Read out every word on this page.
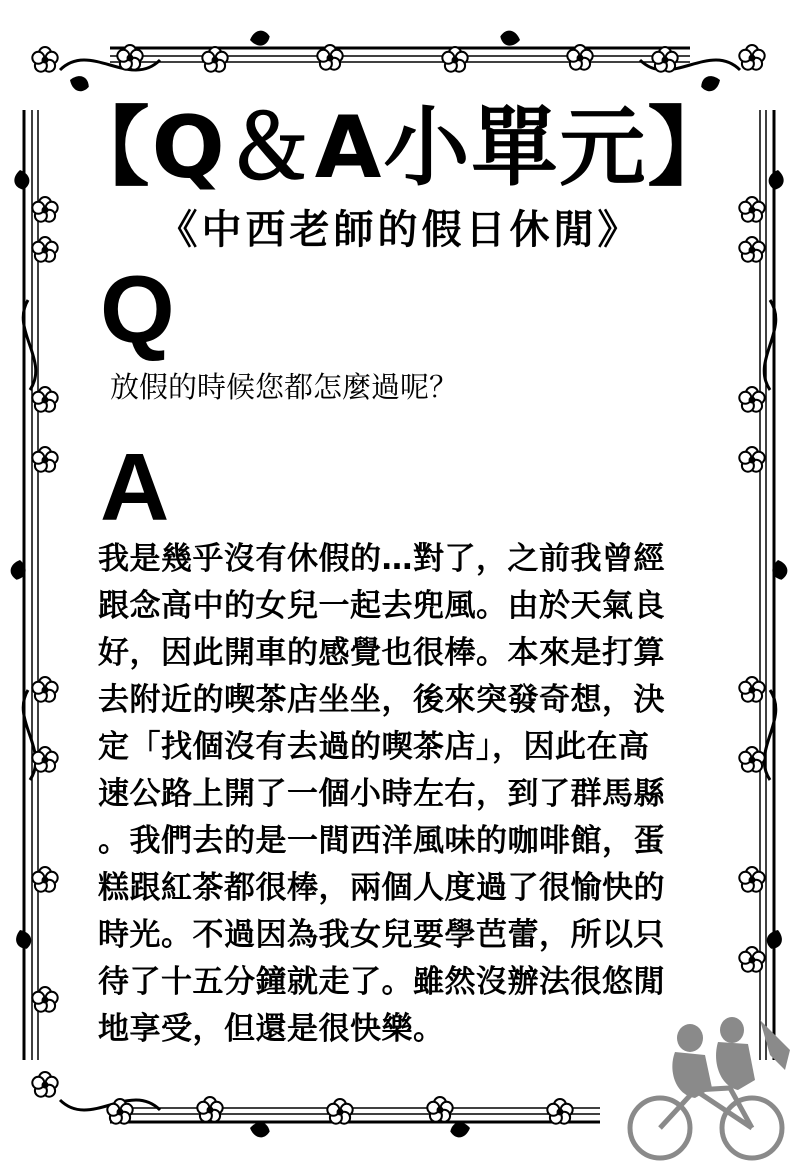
【Q＆A小單元】
《中西老師的假日休閒》
Q
放假的時候您都怎麼過呢？
A
我是幾乎沒有休假的…對了，之前我曾經
跟念高中的女兒一起去兜風。由於天氣良
好，因此開車的感覺也很棒。本來是打算
去附近的喫茶店坐坐，後來突發奇想，決
定「找個沒有去過的喫茶店」，因此在高
速公路上開了一個小時左右，到了群馬縣
。我們去的是一間西洋風味的咖啡館，蛋
糕跟紅茶都很棒，兩個人度過了很愉快的
時光。不過因為我女兒要學芭蕾，所以只
待了十五分鐘就走了。雖然沒辦法很悠閒
地享受，但還是很快樂。
